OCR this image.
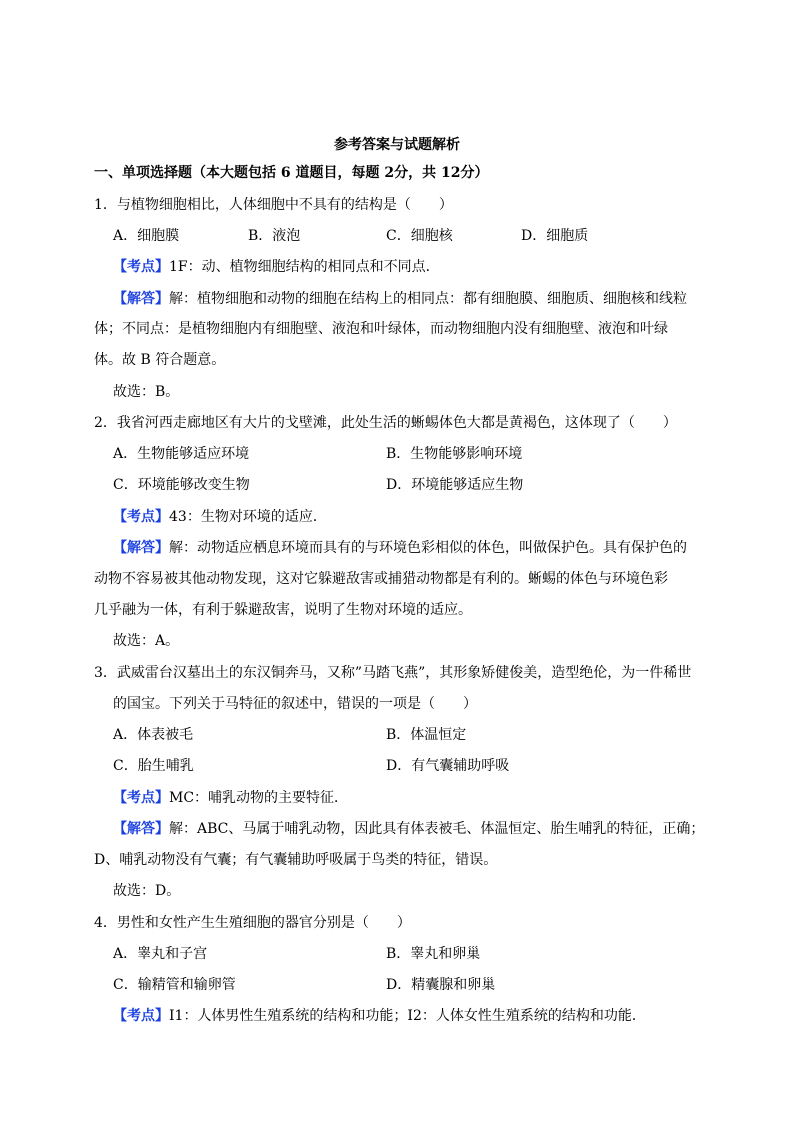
参考答案与试题解析
一、单项选择题（本大题包括 6 道题目，每题 2分，共 12分）
1．与植物细胞相比，人体细胞中不具有的结构是（　　）
A．细胞膜	B．液泡	C．细胞核	D．细胞质
【考点】1F：动、植物细胞结构的相同点和不同点．
【解答】解：植物细胞和动物的细胞在结构上的相同点：都有细胞膜、细胞质、细胞核和线粒
体；不同点：是植物细胞内有细胞壁、液泡和叶绿体，而动物细胞内没有细胞壁、液泡和叶绿
体。故 B 符合题意。
故选：B。
2．我省河西走廊地区有大片的戈壁滩，此处生活的蜥蜴体色大都是黄褐色，这体现了（　　）
A．生物能够适应环境	B．生物能够影响环境
C．环境能够改变生物	D．环境能够适应生物
【考点】43：生物对环境的适应．
【解答】解：动物适应栖息环境而具有的与环境色彩相似的体色，叫做保护色。具有保护色的
动物不容易被其他动物发现，这对它躲避敌害或捕猎动物都是有利的。蜥蜴的体色与环境色彩
几乎融为一体，有利于躲避敌害，说明了生物对环境的适应。
故选：A。
3．武威雷台汉墓出土的东汉铜奔马，又称”马踏飞燕”，其形象矫健俊美，造型绝伦，为一件稀世
的国宝。下列关于马特征的叙述中，错误的一项是（　　）
A．体表被毛	B．体温恒定
C．胎生哺乳	D．有气囊辅助呼吸
【考点】MC：哺乳动物的主要特征．
【解答】解：ABC、马属于哺乳动物，因此具有体表被毛、体温恒定、胎生哺乳的特征，正确；
D、哺乳动物没有气囊；有气囊辅助呼吸属于鸟类的特征，错误。
故选：D。
4．男性和女性产生生殖细胞的器官分别是（　　）
A．睾丸和子宫	B．睾丸和卵巢
C．输精管和输卵管	D．精囊腺和卵巢
【考点】I1：人体男性生殖系统的结构和功能；I2：人体女性生殖系统的结构和功能．
